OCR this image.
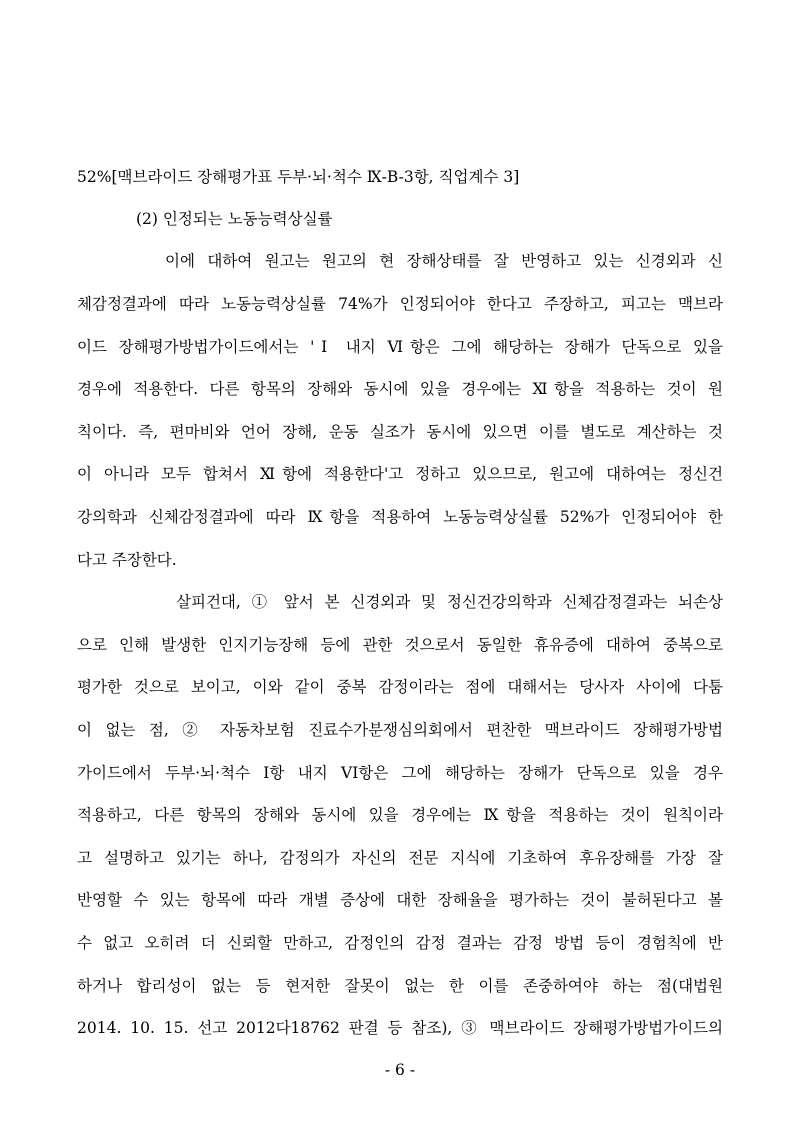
52%[맥브라이드 장해평가표 두부·뇌·척수 Ⅸ-B-3항, 직업계수 3]
(2) 인정되는 노동능력상실률
이에 대하여 원고는 원고의 현 장해상태를 잘 반영하고 있는 신경외과 신
체감정결과에 따라 노동능력상실률 74%가 인정되어야 한다고 주장하고, 피고는 맥브라
이드 장해평가방법가이드에서는 'Ⅰ 내지 Ⅵ항은 그에 해당하는 장해가 단독으로 있을
경우에 적용한다. 다른 항목의 장해와 동시에 있을 경우에는 Ⅺ항을 적용하는 것이 원
칙이다. 즉, 편마비와 언어 장해, 운동 실조가 동시에 있으면 이를 별도로 계산하는 것
이 아니라 모두 합쳐서 Ⅺ항에 적용한다'고 정하고 있으므로, 원고에 대하여는 정신건
강의학과 신체감정결과에 따라 Ⅸ항을 적용하여 노동능력상실률 52%가 인정되어야 한
다고 주장한다.
살피건대, ① 앞서 본 신경외과 및 정신건강의학과 신체감정결과는 뇌손상
으로 인해 발생한 인지기능장해 등에 관한 것으로서 동일한 휴유증에 대하여 중복으로
평가한 것으로 보이고, 이와 같이 중복 감정이라는 점에 대해서는 당사자 사이에 다툼
이 없는 점, ② 자동차보험 진료수가분쟁심의회에서 편찬한 맥브라이드 장해평가방법
가이드에서 두부·뇌·척수 I항 내지 VI항은 그에 해당하는 장해가 단독으로 있을 경우
적용하고, 다른 항목의 장해와 동시에 있을 경우에는 Ⅸ항을 적용하는 것이 원칙이라
고 설명하고 있기는 하나, 감정의가 자신의 전문 지식에 기초하여 후유장해를 가장 잘
반영할 수 있는 항목에 따라 개별 증상에 대한 장해율을 평가하는 것이 불허된다고 볼
수 없고 오히려 더 신뢰할 만하고, 감정인의 감정 결과는 감정 방법 등이 경험칙에 반
하거나 합리성이 없는 등 현저한 잘못이 없는 한 이를 존중하여야 하는 점(대법원
2014. 10. 15. 선고 2012다18762 판결 등 참조), ③ 맥브라이드 장해평가방법가이드의
- 6 -
